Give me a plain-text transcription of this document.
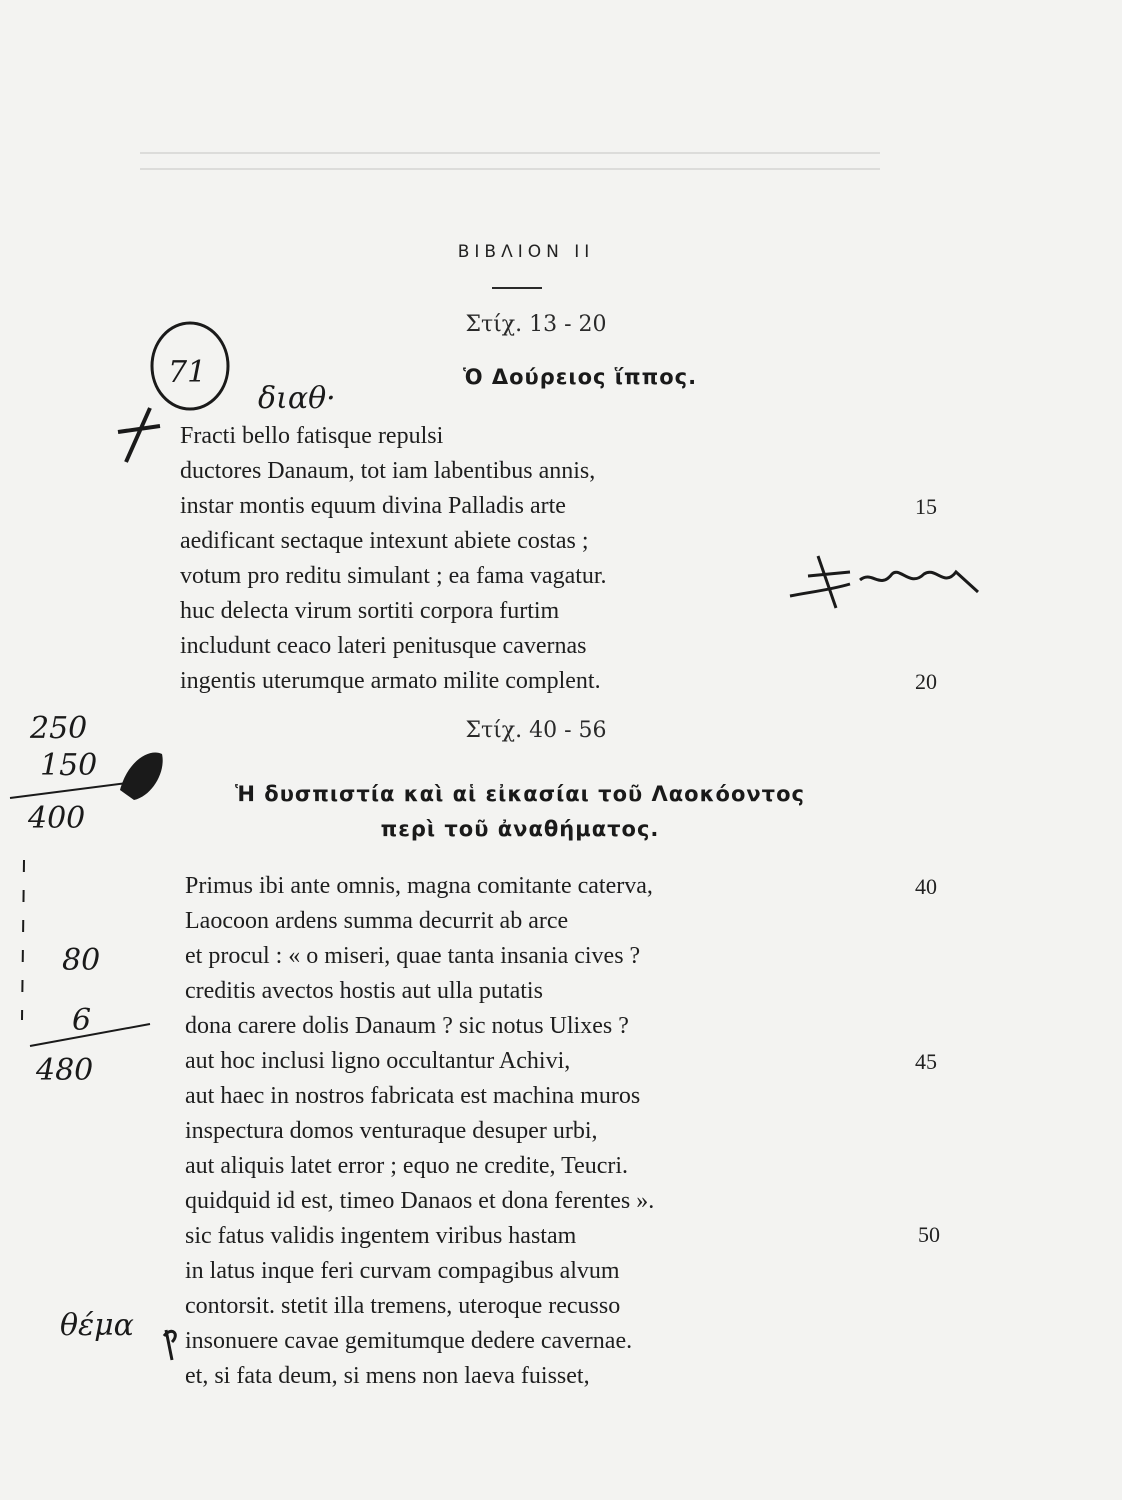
ΒΙΒΛΙΟΝ II
Στίχ. 13 - 20
Ὁ Δούρειος ἵππος.
Fracti bello fatisque repulsi
ductores Danaum, tot iam labentibus annis,
instar montis equum divina Palladis arte
aedificant sectaque intexunt abiete costas ;
votum pro reditu simulant ; ea fama vagatur.
huc delecta virum sortiti corpora furtim
includunt ceaco lateri penitusque cavernas
ingentis uterumque armato milite complent.
15
20
Στίχ. 40 - 56
Ἡ δυσπιστία καὶ αἱ εἰκασίαι τοῦ Λαοκόοντος
περὶ τοῦ ἀναθήματος.
Primus ibi ante omnis, magna comitante caterva,
Laocoon ardens summa decurrit ab arce
et procul : « o miseri, quae tanta insania cives ?
creditis avectos hostis aut ulla putatis
dona carere dolis Danaum ? sic notus Ulixes ?
aut hoc inclusi ligno occultantur Achivi,
aut haec in nostros fabricata est machina muros
inspectura domos venturaque desuper urbi,
aut aliquis latet error ; equo ne credite, Teucri.
quidquid id est, timeo Danaos et dona ferentes ».
sic fatus validis ingentem viribus hastam
in latus inque feri curvam compagibus alvum
contorsit. stetit illa tremens, uteroque recusso
insonuere cavae gemitumque dedere cavernae.
et, si fata deum, si mens non laeva fuisset,
40
45
50
71
διαθ·
250
150
400
80
6
480
θέμα
